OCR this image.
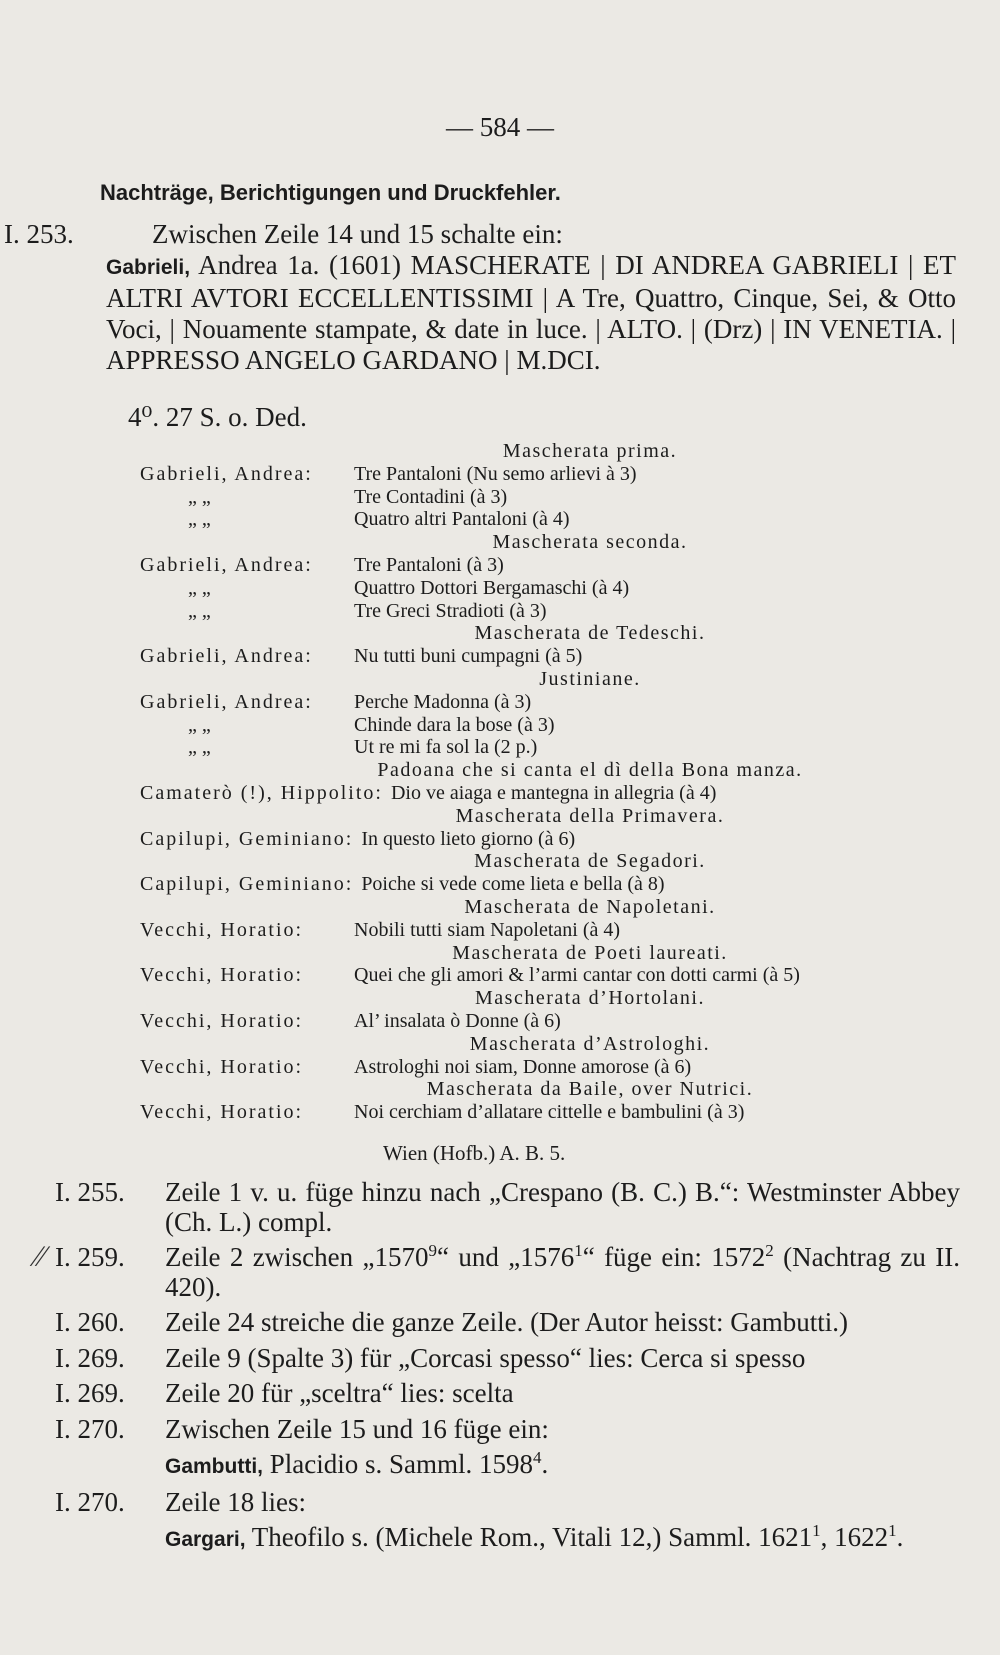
— 584 —
Nachträge, Berichtigungen und Druckfehler.
I. 253.	Zwischen Zeile 14 und 15 schalte ein:
Gabrieli, Andrea 1a. (1601) MASCHERATE | DI ANDREA GABRIELI | ET ALTRI AVTORI ECCELLENTISSIMI | A Tre, Quattro, Cinque, Sei, & Otto Voci, | Nouamente stampate, & date in luce. | ALTO. | (Drz) | IN VENETIA. | APPRESSO ANGELO GARDANO | M.DCI.
4⁰. 27 S. o. Ded.
Mascherata prima.
Gabrieli, Andrea: Tre Pantaloni (Nu semo arlievi à 3)
„ „	Tre Contadini (à 3)
„ „	Quatro altri Pantaloni (à 4)
Mascherata seconda.
Gabrieli, Andrea: Tre Pantaloni (à 3)
„ „	Quattro Dottori Bergamaschi (à 4)
„ „	Tre Greci Stradioti (à 3)
Mascherata de Tedeschi.
Gabrieli, Andrea: Nu tutti buni cumpagni (à 5)
Justiniane.
Gabrieli, Andrea: Perche Madonna (à 3)
„ „	Chinde dara la bose (à 3)
„ „	Ut re mi fa sol la (2 p.)
Padoana che si canta el dì della Bona manza.
Camaterò (!), Hippolito: Dio ve aiaga e mantegna in allegria (à 4)
Mascherata della Primavera.
Capilupi, Geminiano: In questo lieto giorno (à 6)
Mascherata de Segadori.
Capilupi, Geminiano: Poiche si vede come lieta e bella (à 8)
Mascherata de Napoletani.
Vecchi, Horatio:	Nobili tutti siam Napoletani (à 4)
Mascherata de Poeti laureati.
Vecchi, Horatio:	Quei che gli amori & l’armi cantar con dotti carmi (à 5)
Mascherata d’Hortolani.
Vecchi, Horatio:	Al’ insalata ò Donne (à 6)
Mascherata d’Astrologhi.
Vecchi, Horatio:	Astrologhi noi siam, Donne amorose (à 6)
Mascherata da Baile, over Nutrici.
Vecchi, Horatio:	Noi cerchiam d’allatare cittelle e bambulini (à 3)
Wien (Hofb.) A. B. 5.
I. 255. Zeile 1 v. u. füge hinzu nach „Crespano (B. C.) B.“: Westminster Abbey (Ch. L.) compl.
I. 259. Zeile 2 zwischen „1570$^9$“ und „1576$^1$“ füge ein: 1572$^2$ (Nachtrag zu II. 420).
I. 260. Zeile 24 streiche die ganze Zeile. (Der Autor heisst: Gambutti.)
I. 269. Zeile 9 (Spalte 3) für „Corcasi spesso“ lies: Cerca si spesso
I. 269. Zeile 20 für „sceltra“ lies: scelta
I. 270. Zwischen Zeile 15 und 16 füge ein:
Gambutti, Placidio s. Samml. 1598$^4$.
I. 270. Zeile 18 lies:
Gargari, Theofilo s. (Michele Rom., Vitali 12,) Samml. 1621$^1$, 1622$^1$.
∕∕
